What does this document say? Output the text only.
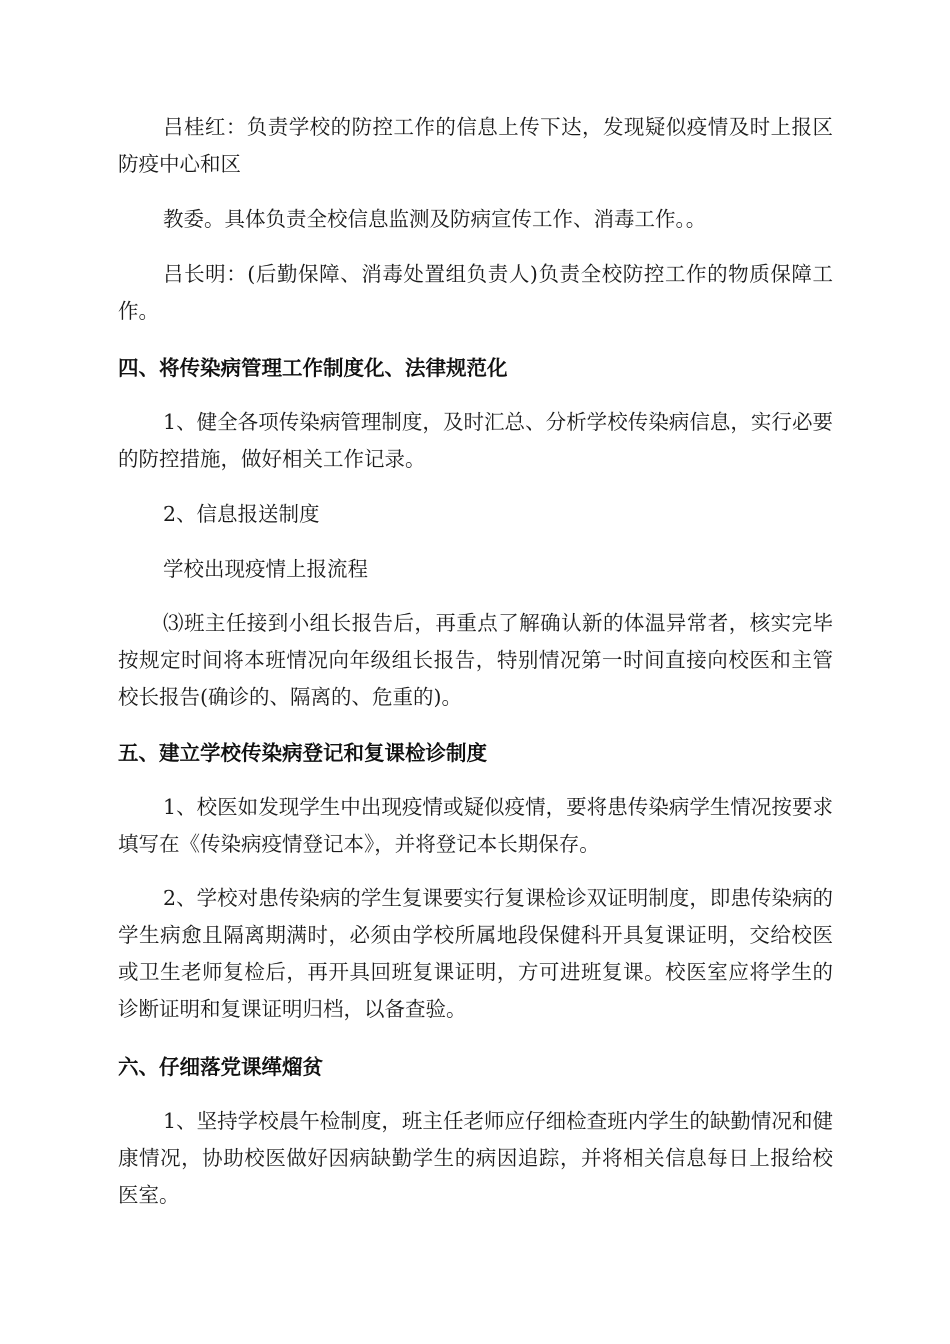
吕桂红：负责学校的防控工作的信息上传下达，发现疑似疫情及时上报区防疫中心和区
教委。具体负责全校信息监测及防病宣传工作、消毒工作。。
吕长明：(后勤保障、消毒处置组负责人)负责全校防控工作的物质保障工作。
四、将传染病管理工作制度化、法律规范化
1、健全各项传染病管理制度，及时汇总、分析学校传染病信息，实行必要的防控措施，做好相关工作记录。
2、信息报送制度
学校出现疫情上报流程
⑶班主任接到小组长报告后，再重点了解确认新的体温异常者，核实完毕按规定时间将本班情况向年级组长报告，特别情况第一时间直接向校医和主管校长报告(确诊的、隔离的、危重的)。
五、建立学校传染病登记和复课检诊制度
1、校医如发现学生中出现疫情或疑似疫情，要将患传染病学生情况按要求填写在《传染病疫情登记本》，并将登记本长期保存。
2、学校对患传染病的学生复课要实行复课检诊双证明制度，即患传染病的学生病愈且隔离期满时，必须由学校所属地段保健科开具复课证明，交给校医或卫生老师复检后，再开具回班复课证明，方可进班复课。校医室应将学生的诊断证明和复课证明归档，以备查验。
六、仔细落党课缂熘贫
1、坚持学校晨午检制度，班主任老师应仔细检查班内学生的缺勤情况和健康情况，协助校医做好因病缺勤学生的病因追踪，并将相关信息每日上报给校医室。
